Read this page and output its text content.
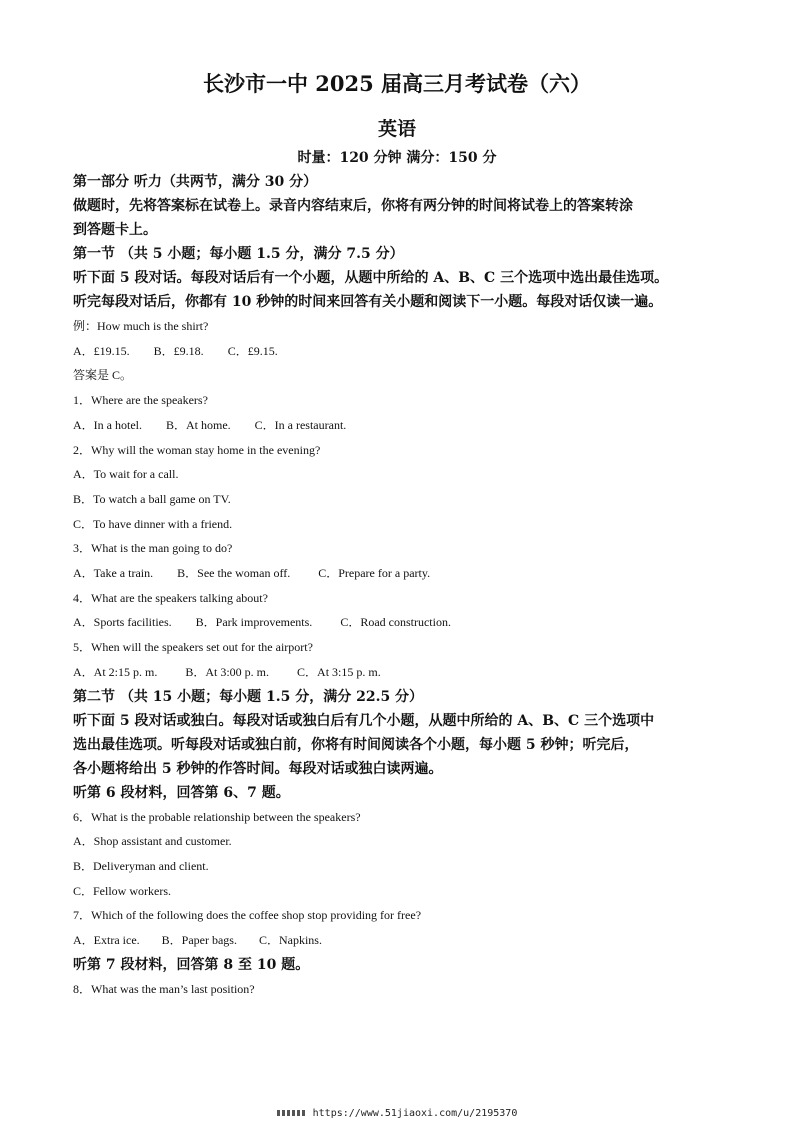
长沙市一中 2025 届高三月考试卷（六）
英语
时量：120 分钟 满分：150 分
第一部分 听力（共两节，满分 30 分）
做题时，先将答案标在试卷上。录音内容结束后，你将有两分钟的时间将试卷上的答案转涂
到答题卡上。
第一节 （共 5 小题；每小题 1.5 分，满分 7.5 分）
听下面 5 段对话。每段对话后有一个小题，从题中所给的 A、B、C 三个选项中选出最佳选项。
听完每段对话后，你都有 10 秒钟的时间来回答有关小题和阅读下一小题。每段对话仅读一遍。
例：How much is the shirt?
A．£19.15. B．£9.18. C．£9.15.
答案是 C。
1．Where are the speakers?
A．In a hotel. B．At home. C．In a restaurant.
2．Why will the woman stay home in the evening?
A．To wait for a call.
B．To watch a ball game on TV.
C．To have dinner with a friend.
3．What is the man going to do?
A．Take a train. B．See the woman off. C．Prepare for a party.
4．What are the speakers talking about?
A．Sports facilities. B．Park improvements. C．Road construction.
5．When will the speakers set out for the airport?
A．At 2:15 p. m. B．At 3:00 p. m. C．At 3:15 p. m.
第二节 （共 15 小题；每小题 1.5 分，满分 22.5 分）
听下面 5 段对话或独白。每段对话或独白后有几个小题，从题中所给的 A、B、C 三个选项中
选出最佳选项。听每段对话或独白前，你将有时间阅读各个小题，每小题 5 秒钟；听完后，
各小题将给出 5 秒钟的作答时间。每段对话或独白读两遍。
听第 6 段材料，回答第 6、7 题。
6．What is the probable relationship between the speakers?
A．Shop assistant and customer.
B．Deliveryman and client.
C．Fellow workers.
7．Which of the following does the coffee shop stop providing for free?
A．Extra ice. B．Paper bags. C．Napkins.
听第 7 段材料，回答第 8 至 10 题。
8．What was the man’s last position?
https://www.51jiaoxi.com/u/2195370
